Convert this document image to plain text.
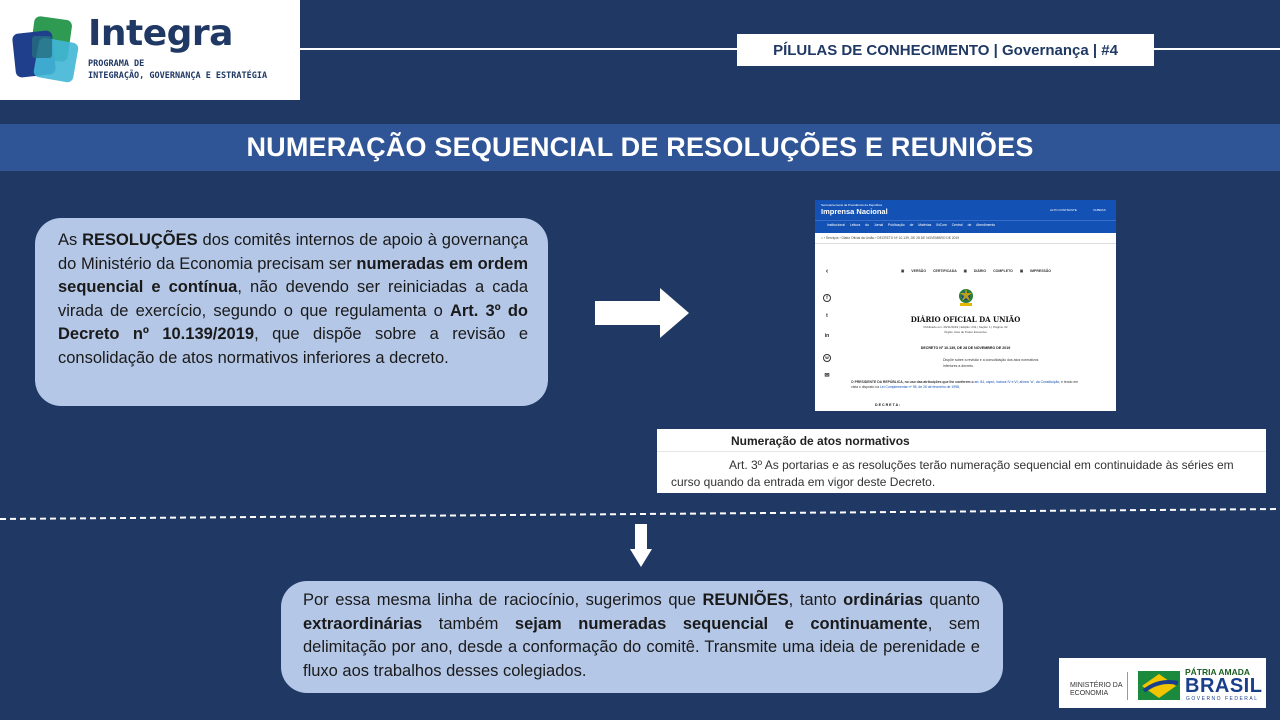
Integra
PROGRAMA DE
INTEGRAÇÃO, GOVERNANÇA E ESTRATÉGIA
PÍLULAS DE CONHECIMENTO | Governança | #4
NUMERAÇÃO SEQUENCIAL DE RESOLUÇÕES E REUNIÕES
As RESOLUÇÕES dos comitês internos de apoio à governança do Ministério da Economia precisam ser numeradas em ordem sequencial e contínua, não devendo ser reiniciadas a cada virada de exercício, segundo o que regulamenta o Art. 3º do Decreto nº 10.139/2019, que dispõe sobre a revisão e consolidação de atos normativos inferiores a decreto.
Secretaria-Geral da Presidência da República
Imprensa Nacional	ALTO CONTRASTE	VLIBRAS
Institucional Leitura do Jornal Publicação de Matérias INCom Central de Atendimento
⌂ › Serviços › Diário Oficial da União › DECRETO Nº 10.139, DE 28 DE NOVEMBRO DE 2019
▣ VERSÃO CERTIFICADA ▣ DIÁRIO COMPLETO ▣ IMPRESSÃO
‹
f
t
in
w
✉
DIÁRIO OFICIAL DA UNIÃO
Publicado em: 29/11/2019 | Edição: 231 | Seção: 1 | Página: 32
Órgão: Atos do Poder Executivo
DECRETO Nº 10.139, DE 28 DE NOVEMBRO DE 2019
Dispõe sobre a revisão e a consolidação dos atos normativos inferiores a decreto.
O PRESIDENTE DA REPÚBLICA, no uso das atribuições que lhe conferem o art. 84, caput, incisos IV e VI, alínea "a", da Constituição, e tendo em vista o disposto na Lei Complementar nº 95, de 26 de fevereiro de 1998,
DECRETA:
Numeração de atos normativos
Art. 3º As portarias e as resoluções terão numeração sequencial em continuidade às séries em curso quando da entrada em vigor deste Decreto.
Por essa mesma linha de raciocínio, sugerimos que REUNIÕES, tanto ordinárias quanto extraordinárias também sejam numeradas sequencial e continuamente, sem delimitação por ano, desde a conformação do comitê. Transmite uma ideia de perenidade e fluxo aos trabalhos desses colegiados.
MINISTÉRIO DA
ECONOMIA
PÁTRIA AMADA
BRASIL
GOVERNO FEDERAL
